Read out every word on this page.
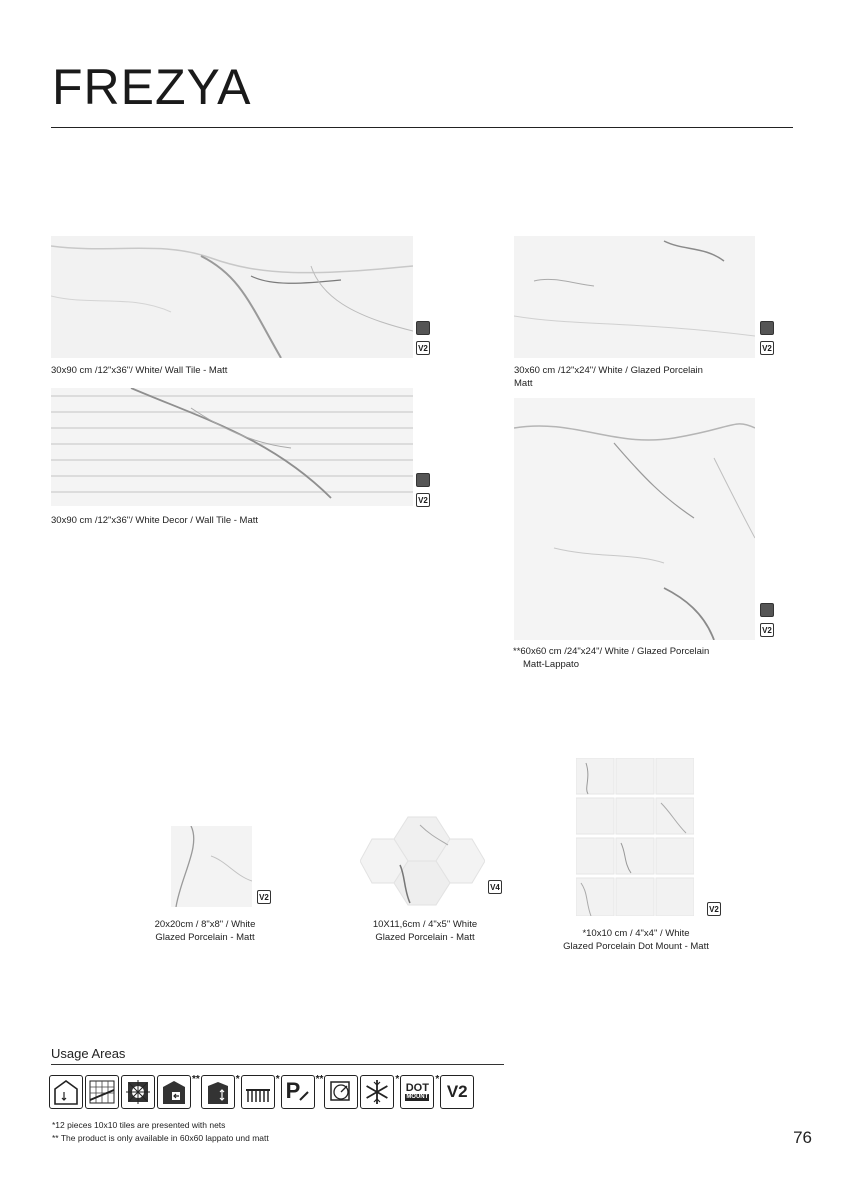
FREZYA
V2
30x90 cm /12"x36"/ White/ Wall Tile - Matt
V2
30x90 cm /12"x36"/ White Decor / Wall Tile - Matt
V2
30x60 cm /12"x24"/ White / Glazed Porcelain
Matt
V2
**60x60 cm /24"x24"/ White / Glazed Porcelain
Matt-Lappato
V2
20x20cm / 8"x8" / White
Glazed Porcelain - Matt
V4
10X11,6cm / 4"x5" White
Glazed Porcelain - Matt
V2
*10x10 cm / 4"x4" / White
Glazed Porcelain Dot Mount - Matt
Usage Areas
**	*	* P **	*
DOT
MOUNT
*
V2
*12 pieces 10x10 tiles are presented with nets
** The product is only available in 60x60 lappato und matt	76
